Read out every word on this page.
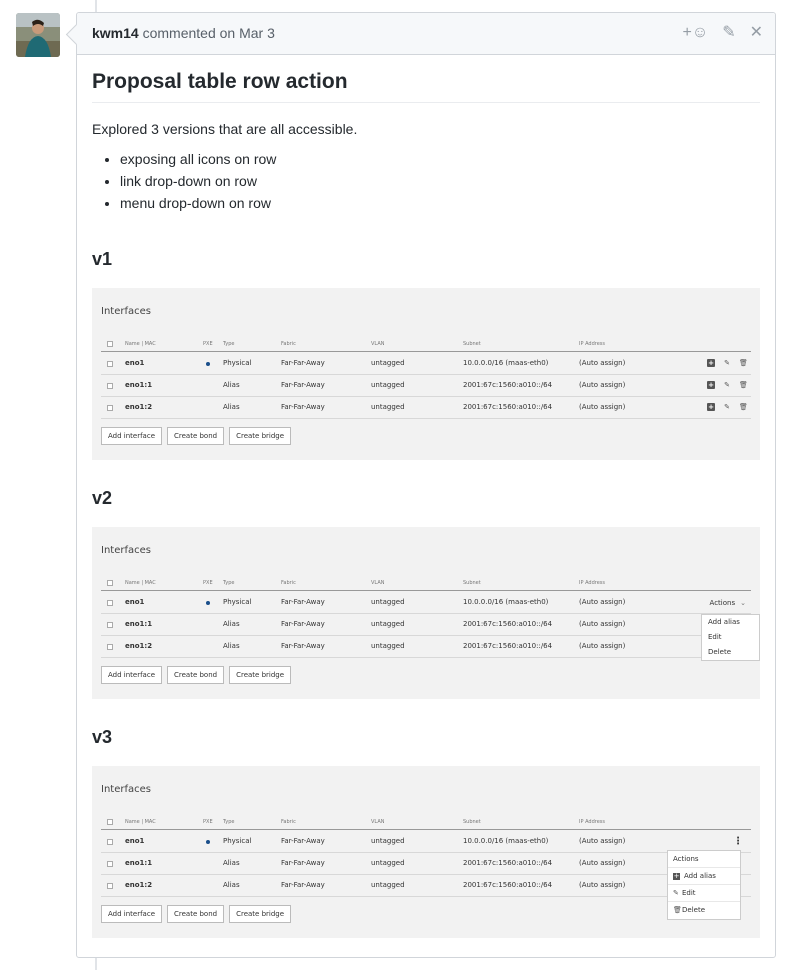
kwm14 commented on Mar 3	+☺ ✎ ✕
Proposal table row action

Explored 3 versions that are all accessible.

• exposing all icons on row
• link drop-down on row
• menu drop-down on row
v1
Interfaces
Name | MAC	PXE Type	Fabric	VLAN	Subnet	IP Address
eno1	Physical	Far-Far-Away	untagged	10.0.0.0/16 (maas-eth0)	(Auto assign)	+ ✎ 🗑
eno1:1	Alias	Far-Far-Away	untagged	2001:67c:1560:a010::/64	(Auto assign)	+ ✎ 🗑
eno1:2	Alias	Far-Far-Away	untagged	2001:67c:1560:a010::/64	(Auto assign)	+ ✎ 🗑
Add interface	Create bond	Create bridge
v2
Interfaces
Name | MAC	PXE Type	Fabric	VLAN	Subnet	IP Address
eno1	Physical	Far-Far-Away	untagged	10.0.0.0/16 (maas-eth0)	(Auto assign)	Actions ⌄
eno1:1	Alias	Far-Far-Away	untagged	2001:67c:1560:a010::/64	(Auto assign)
eno1:2	Alias	Far-Far-Away	untagged	2001:67c:1560:a010::/64	(Auto assign)
Add alias
Edit
Delete
Add interface	Create bond	Create bridge
v3
Interfaces
Name | MAC	PXE Type	Fabric	VLAN	Subnet	IP Address
eno1	Physical	Far-Far-Away	untagged	10.0.0.0/16 (maas-eth0)	(Auto assign)	⋮
eno1:1	Alias	Far-Far-Away	untagged	2001:67c:1560:a010::/64	(Auto assign)
eno1:2	Alias	Far-Far-Away	untagged	2001:67c:1560:a010::/64	(Auto assign)
Actions
+ Add alias
✎ Edit
🗑Delete
Add interface	Create bond	Create bridge
